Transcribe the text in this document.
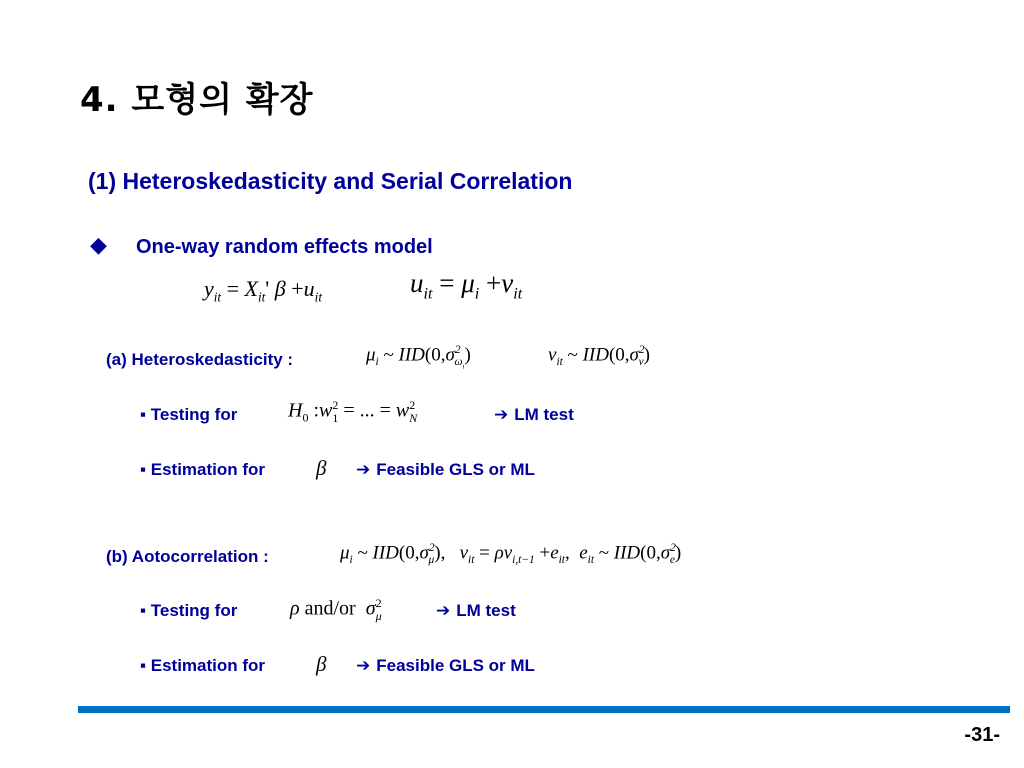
4. 모형의 확장
(1) Heteroskedasticity and Serial Correlation
◆ One-way random effects model
$y_{it} = X_{it}'$ $\beta +u_{it}$	$u_{it} = \mu_i +\nu_{it}$
(a) Heteroskedasticity :	$\mu_i$ ~ $IID(0,\sigma^2_{\omega_i})$	$\nu_{it}$ ~ $IID(0,\sigma^2_\nu)$
▪ Testing for	$H_0$ $:w^2_1$ = ... = $w^2_N$	➔ LM test
▪ Estimation for β ➔ Feasible GLS or ML
(b) Aotocorrelation :	$\mu_i$ ~ $IID(0,\sigma^2_\mu)$,   $\nu_{it} = \rho\nu_{i,t-1} +e_{it}$,  $e_{it}$ ~ $IID(0,\sigma^2_e)$
▪ Testing for	ρ and/or  $\sigma^2_\mu$	➔ LM test
▪ Estimation for β ➔ Feasible GLS or ML
-31-
